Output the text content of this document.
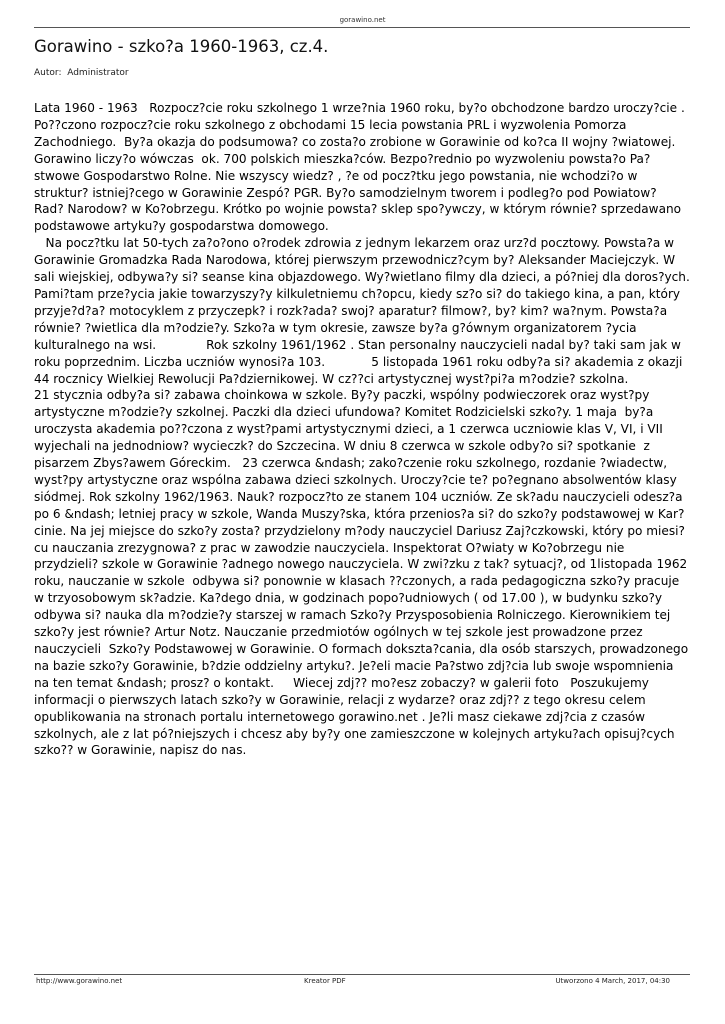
gorawino.net
Gorawino - szko?a 1960-1963, cz.4.
Autor: Administrator

Lata 1960 - 1963   Rozpocz?cie roku szkolnego 1 wrze?nia 1960 roku, by?o obchodzone bardzo uroczy?cie . Po??czono rozpocz?cie roku szkolnego z obchodami 15 lecia powstania PRL i wyzwolenia Pomorza Zachodniego.  By?a okazja do podsumowa? co zosta?o zrobione w Gorawinie od ko?ca II wojny ?wiatowej.             Gorawino liczy?o wówczas  ok. 700 polskich mieszka?ców. Bezpo?rednio po wyzwoleniu powsta?o Pa?stwowe Gospodarstwo Rolne. Nie wszyscy wiedz? , ?e od pocz?tku jego powstania, nie wchodzi?o w struktur? istniej?cego w Gorawinie Zespó? PGR. By?o samodzielnym tworem i podleg?o pod Powiatow? Rad? Narodow? w Ko?obrzegu. Krótko po wojnie powsta? sklep spo?ywczy, w którym równie? sprzedawano podstawowe artyku?y gospodarstwa domowego.

Na pocz?tku lat 50-tych za?o?ono o?rodek zdrowia z jednym lekarzem oraz urz?d pocztowy. Powsta?a w Gorawinie Gromadzka Rada Narodowa, której pierwszym przewodnicz?cym by? Aleksander Maciejczyk. W sali wiejskiej, odbywa?y si? seanse kina objazdowego. Wy?wietlano filmy dla dzieci, a pó?niej dla doros?ych. Pami?tam prze?ycia jakie towarzyszy?y kilkuletniemu ch?opcu, kiedy sz?o si? do takiego kina, a pan, który przyje?d?a? motocyklem z przyczepk? i rozk?ada? swoj? aparatur? filmow?, by? kim? wa?nym. Powsta?a równie? ?wietlica dla m?odzie?y. Szko?a w tym okresie, zawsze by?a g?ównym organizatorem ?ycia kulturalnego na wsi.             Rok szkolny 1961/1962 . Stan personalny nauczycieli nadal by? taki sam jak w roku poprzednim. Liczba uczniów wynosi?a 103.            5 listopada 1961 roku odby?a si? akademia z okazji 44 rocznicy Wielkiej Rewolucji Pa?dziernikowej. W cz??ci artystycznej wyst?pi?a m?odzie? szkolna.             21 stycznia odby?a si? zabawa choinkowa w szkole. By?y paczki, wspólny podwieczorek oraz wyst?py artystyczne m?odzie?y szkolnej. Paczki dla dzieci ufundowa? Komitet Rodzicielski szko?y. 1 maja  by?a uroczysta akademia po??czona z wyst?pami artystycznymi dzieci, a 1 czerwca uczniowie klas V, VI, i VII wyjechali na jednodniow? wycieczk? do Szczecina. W dniu 8 czerwca w szkole odby?o si? spotkanie  z pisarzem Zbys?awem Góreckim.   23 czerwca &ndash; zako?czenie roku szkolnego, rozdanie ?wiadectw, wyst?py artystyczne oraz wspólna zabawa dzieci szkolnych. Uroczy?cie te? po?egnano absolwentów klasy siódmej. Rok szkolny 1962/1963. Nauk? rozpocz?to ze stanem 104 uczniów. Ze sk?adu nauczycieli odesz?a po 6 &ndash; letniej pracy w szkole, Wanda Muszy?ska, która przenios?a si? do szko?y podstawowej w Kar?cinie. Na jej miejsce do szko?y zosta? przydzielony m?ody nauczyciel Dariusz Zaj?czkowski, który po miesi?cu nauczania zrezygnowa? z prac w zawodzie nauczyciela. Inspektorat O?wiaty w Ko?obrzegu nie przydzieli? szkole w Gorawinie ?adnego nowego nauczyciela. W zwi?zku z tak? sytuacj?, od 1listopada 1962 roku, nauczanie w szkole  odbywa si? ponownie w klasach ??czonych, a rada pedagogiczna szko?y pracuje w trzyosobowym sk?adzie. Ka?dego dnia, w godzinach popo?udniowych ( od 17.00 ), w budynku szko?y odbywa si? nauka dla m?odzie?y starszej w ramach Szko?y Przysposobienia Rolniczego. Kierownikiem tej szko?y jest równie? Artur Notz. Nauczanie przedmiotów ogólnych w tej szkole jest prowadzone przez nauczycieli  Szko?y Podstawowej w Gorawinie. O formach dokszta?cania, dla osób starszych, prowadzonego na bazie szko?y Gorawinie, b?dzie oddzielny artyku?. Je?eli macie Pa?stwo zdj?cia lub swoje wspomnienia na ten temat &ndash; prosz? o kontakt.     Wiecej zdj?? mo?esz zobaczy? w galerii foto   Poszukujemy informacji o pierwszych latach szko?y w Gorawinie, relacji z wydarze? oraz zdj?? z tego okresu celem opublikowania na stronach portalu internetowego gorawino.net . Je?li masz ciekawe zdj?cia z czasów szkolnych, ale z lat pó?niejszych i chcesz aby by?y one zamieszczone w kolejnych artyku?ach opisuj?cych szko?? w Gorawinie, napisz do nas.

http://www.gorawino.net	Kreator PDF	Utworzono 4 March, 2017, 04:30
